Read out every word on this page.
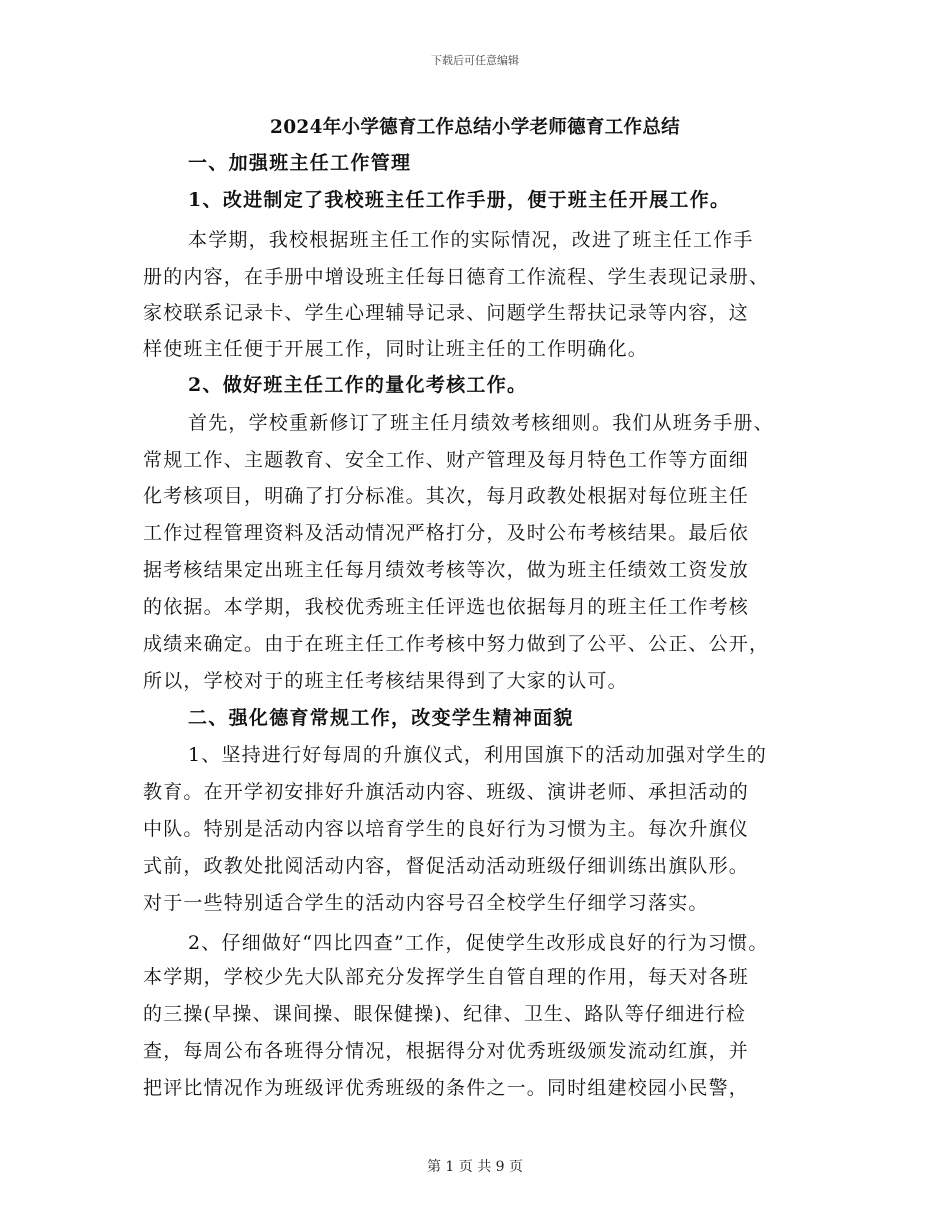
下载后可任意编辑
2024年小学德育工作总结小学老师德育工作总结
一、加强班主任工作管理
1、改进制定了我校班主任工作手册，便于班主任开展工作。
本学期，我校根据班主任工作的实际情况，改进了班主任工作手
册的内容，在手册中增设班主任每日德育工作流程、学生表现记录册、
家校联系记录卡、学生心理辅导记录、问题学生帮扶记录等内容，这
样使班主任便于开展工作，同时让班主任的工作明确化。
2、做好班主任工作的量化考核工作。
首先，学校重新修订了班主任月绩效考核细则。我们从班务手册、
常规工作、主题教育、安全工作、财产管理及每月特色工作等方面细
化考核项目，明确了打分标准。其次，每月政教处根据对每位班主任
工作过程管理资料及活动情况严格打分，及时公布考核结果。最后依
据考核结果定出班主任每月绩效考核等次，做为班主任绩效工资发放
的依据。本学期，我校优秀班主任评选也依据每月的班主任工作考核
成绩来确定。由于在班主任工作考核中努力做到了公平、公正、公开，
所以，学校对于的班主任考核结果得到了大家的认可。
二、强化德育常规工作，改变学生精神面貌
1、坚持进行好每周的升旗仪式，利用国旗下的活动加强对学生的
教育。在开学初安排好升旗活动内容、班级、演讲老师、承担活动的
中队。特别是活动内容以培育学生的良好行为习惯为主。每次升旗仪
式前，政教处批阅活动内容，督促活动活动班级仔细训练出旗队形。
对于一些特别适合学生的活动内容号召全校学生仔细学习落实。
2、仔细做好“四比四查”工作，促使学生改形成良好的行为习惯。
本学期，学校少先大队部充分发挥学生自管自理的作用，每天对各班
的三操(早操、课间操、眼保健操)、纪律、卫生、路队等仔细进行检
查，每周公布各班得分情况，根据得分对优秀班级颁发流动红旗，并
把评比情况作为班级评优秀班级的条件之一。同时组建校园小民警，
第 1 页 共 9 页
